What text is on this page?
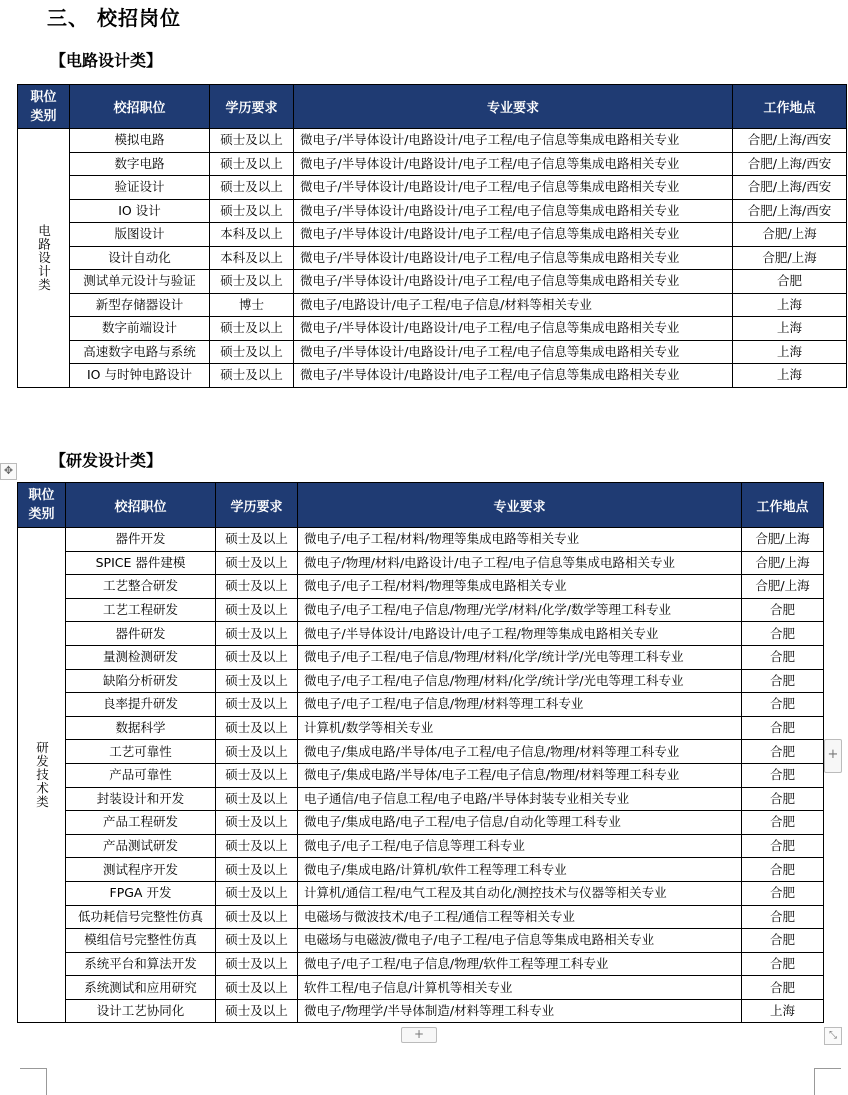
三、 校招岗位
【电路设计类】
职位类别	校招职位	学历要求	专业要求	工作地点
电路设计类	模拟电路	硕士及以上	微电子/半导体设计/电路设计/电子工程/电子信息等集成电路相关专业	合肥/上海/西安
	数字电路	硕士及以上	微电子/半导体设计/电路设计/电子工程/电子信息等集成电路相关专业	合肥/上海/西安
	验证设计	硕士及以上	微电子/半导体设计/电路设计/电子工程/电子信息等集成电路相关专业	合肥/上海/西安
	IO 设计	硕士及以上	微电子/半导体设计/电路设计/电子工程/电子信息等集成电路相关专业	合肥/上海/西安
	版图设计	本科及以上	微电子/半导体设计/电路设计/电子工程/电子信息等集成电路相关专业	合肥/上海
	设计自动化	本科及以上	微电子/半导体设计/电路设计/电子工程/电子信息等集成电路相关专业	合肥/上海
	测试单元设计与验证	硕士及以上	微电子/半导体设计/电路设计/电子工程/电子信息等集成电路相关专业	合肥
	新型存储器设计	博士	微电子/电路设计/电子工程/电子信息/材料等相关专业	上海
	数字前端设计	硕士及以上	微电子/半导体设计/电路设计/电子工程/电子信息等集成电路相关专业	上海
	高速数字电路与系统	硕士及以上	微电子/半导体设计/电路设计/电子工程/电子信息等集成电路相关专业	上海
	IO 与时钟电路设计	硕士及以上	微电子/半导体设计/电路设计/电子工程/电子信息等集成电路相关专业	上海
【研发设计类】
✥
职位类别	校招职位	学历要求	专业要求	工作地点
研发技术类	器件开发	硕士及以上	微电子/电子工程/材料/物理等集成电路等相关专业	合肥/上海
	SPICE 器件建模	硕士及以上	微电子/物理/材料/电路设计/电子工程/电子信息等集成电路相关专业	合肥/上海
	工艺整合研发	硕士及以上	微电子/电子工程/材料/物理等集成电路相关专业	合肥/上海
	工艺工程研发	硕士及以上	微电子/电子工程/电子信息/物理/光学/材料/化学/数学等理工科专业	合肥
	器件研发	硕士及以上	微电子/半导体设计/电路设计/电子工程/物理等集成电路相关专业	合肥
	量测检测研发	硕士及以上	微电子/电子工程/电子信息/物理/材料/化学/统计学/光电等理工科专业	合肥
	缺陷分析研发	硕士及以上	微电子/电子工程/电子信息/物理/材料/化学/统计学/光电等理工科专业	合肥
	良率提升研发	硕士及以上	微电子/电子工程/电子信息/物理/材料等理工科专业	合肥
	数据科学	硕士及以上	计算机/数学等相关专业	合肥
	工艺可靠性	硕士及以上	微电子/集成电路/半导体/电子工程/电子信息/物理/材料等理工科专业	合肥
	产品可靠性	硕士及以上	微电子/集成电路/半导体/电子工程/电子信息/物理/材料等理工科专业	合肥
	封装设计和开发	硕士及以上	电子通信/电子信息工程/电子电路/半导体封装专业相关专业	合肥
	产品工程研发	硕士及以上	微电子/集成电路/电子工程/电子信息/自动化等理工科专业	合肥
	产品测试研发	硕士及以上	微电子/电子工程/电子信息等理工科专业	合肥
	测试程序开发	硕士及以上	微电子/集成电路/计算机/软件工程等理工科专业	合肥
	FPGA 开发	硕士及以上	计算机/通信工程/电气工程及其自动化/测控技术与仪器等相关专业	合肥
	低功耗信号完整性仿真	硕士及以上	电磁场与微波技术/电子工程/通信工程等相关专业	合肥
	模组信号完整性仿真	硕士及以上	电磁场与电磁波/微电子/电子工程/电子信息等集成电路相关专业	合肥
	系统平台和算法开发	硕士及以上	微电子/电子工程/电子信息/物理/软件工程等理工科专业	合肥
	系统测试和应用研究	硕士及以上	软件工程/电子信息/计算机等相关专业	合肥
	设计工艺协同化	硕士及以上	微电子/物理学/半导体制造/材料等理工科专业	上海
+
+	⤡
